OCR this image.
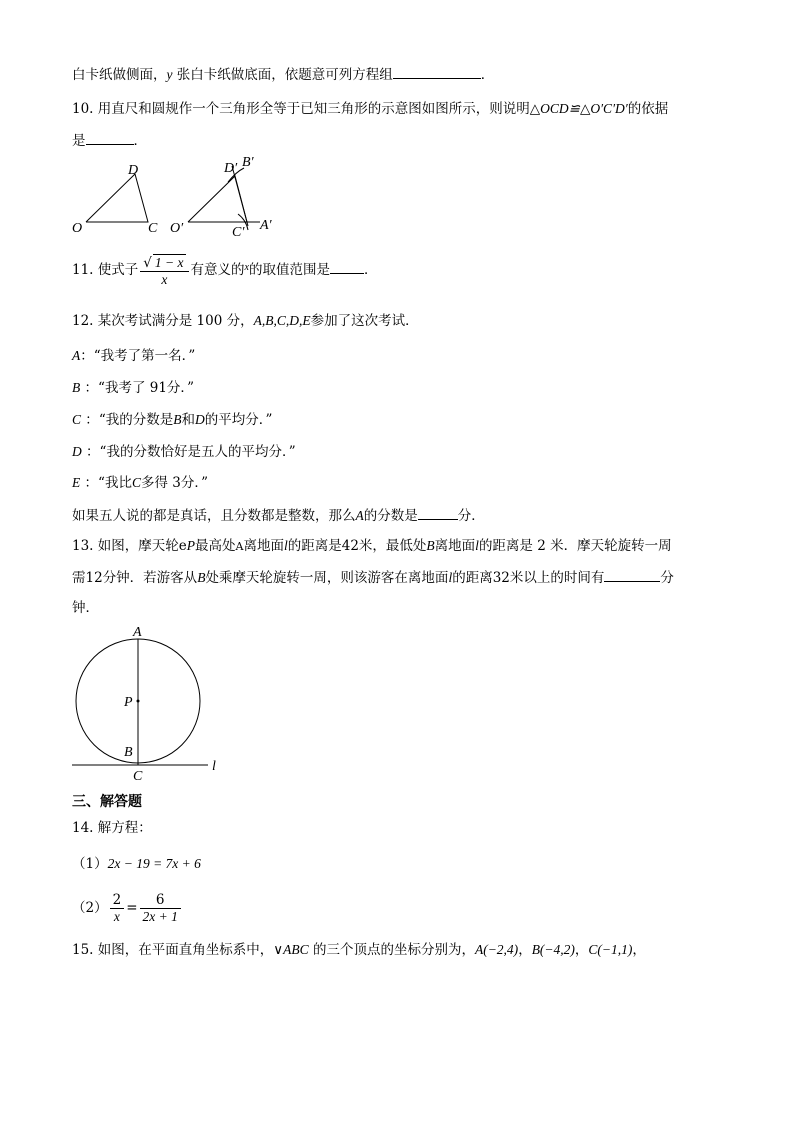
白卡纸做侧面，y 张白卡纸做底面，依题意可列方程组	．
10. 用直尺和圆规作一个三角形全等于已知三角形的示意图如图所示，则说明△OCD≌△O′C′D′的依据
是	．
D
O	C
D′ B′
O′	C′ A′
11. 使式子 $\frac{√ 1 - x}{x}$ 有意义的$^x$的取值范围是	．
12. 某次考试满分是 100 分，A,B,C,D,E参加了这次考试．
A：“我考了第一名．”
B ：“我考了 91分．”
C ：“我的分数是B和D的平均分．”
D ：“我的分数恰好是五人的平均分．”
E ：“我比C多得 3分．”
如果五人说的都是真话，且分数都是整数，那么A的分数是	分．
13. 如图，摩天轮eP最高处A离地面l的距离是42米，最低处B离地面l的距离是 2 米．摩天轮旋转一周
需12分钟．若游客从B处乘摩天轮旋转一周，则该游客在离地面l的距离32米以上的时间有	分
钟．
A
P
B
C
l
三、解答题
14. 解方程：
（1）2x − 19 = 7x + 6
$(2) \frac{2}{x} = \frac{6}{2x + 1}$
15. 如图，在平面直角坐标系中，∨ABC 的三个顶点的坐标分别为，A(−2,4)，B(−4,2)，C(−1,1)，
